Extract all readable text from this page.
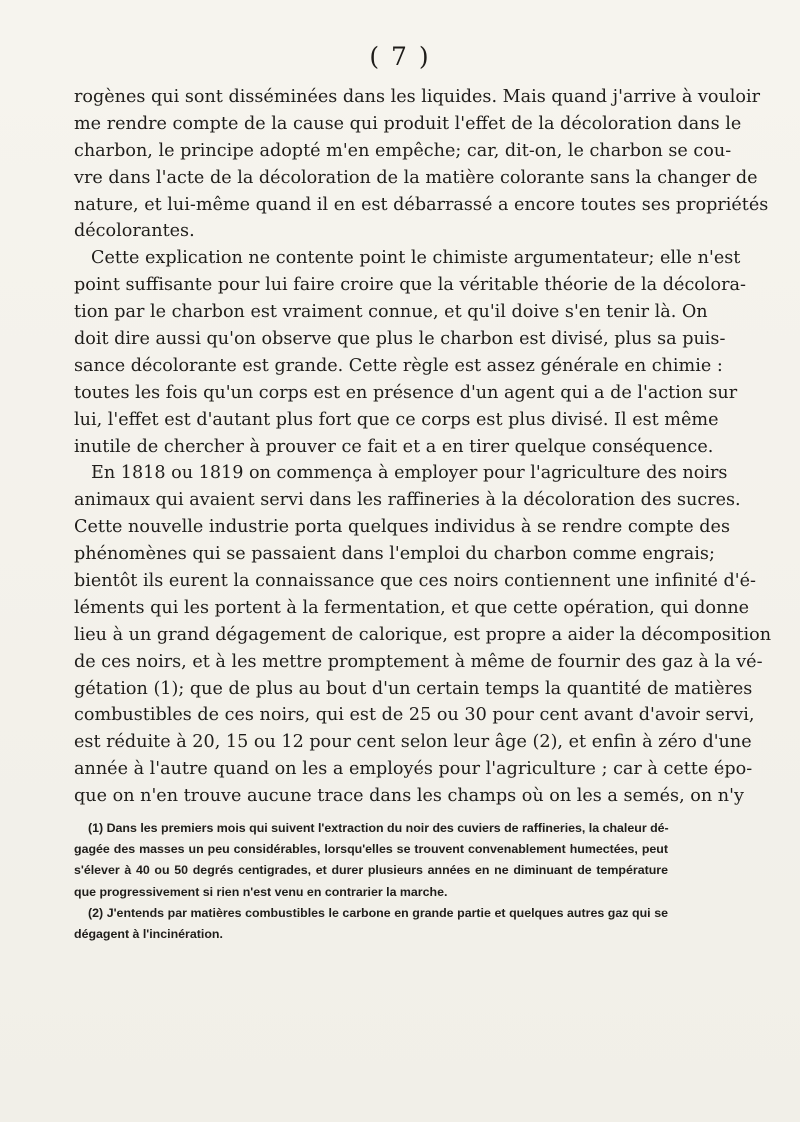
( 7 )
rogènes qui sont disséminées dans les liquides. Mais quand j'arrive à vouloir
me rendre compte de la cause qui produit l'effet de la décoloration dans le
charbon, le principe adopté m'en empêche; car, dit-on, le charbon se cou-
vre dans l'acte de la décoloration de la matière colorante sans la changer de
nature, et lui-même quand il en est débarrassé a encore toutes ses propriétés
décolorantes.
Cette explication ne contente point le chimiste argumentateur; elle n'est
point suffisante pour lui faire croire que la véritable théorie de la décolora-
tion par le charbon est vraiment connue, et qu'il doive s'en tenir là. On
doit dire aussi qu'on observe que plus le charbon est divisé, plus sa puis-
sance décolorante est grande. Cette règle est assez générale en chimie :
toutes les fois qu'un corps est en présence d'un agent qui a de l'action sur
lui, l'effet est d'autant plus fort que ce corps est plus divisé. Il est même
inutile de chercher à prouver ce fait et a en tirer quelque conséquence.
En 1818 ou 1819 on commença à employer pour l'agriculture des noirs
animaux qui avaient servi dans les raffineries à la décoloration des sucres.
Cette nouvelle industrie porta quelques individus à se rendre compte des
phénomènes qui se passaient dans l'emploi du charbon comme engrais;
bientôt ils eurent la connaissance que ces noirs contiennent une infinité d'é-
léments qui les portent à la fermentation, et que cette opération, qui donne
lieu à un grand dégagement de calorique, est propre a aider la décomposition
de ces noirs, et à les mettre promptement à même de fournir des gaz à la vé-
gétation (1); que de plus au bout d'un certain temps la quantité de matières
combustibles de ces noirs, qui est de 25 ou 30 pour cent avant d'avoir servi,
est réduite à 20, 15 ou 12 pour cent selon leur âge (2), et enfin à zéro d'une
année à l'autre quand on les a employés pour l'agriculture ; car à cette épo-
que on n'en trouve aucune trace dans les champs où on les a semés, on n'y
(1) Dans les premiers mois qui suivent l'extraction du noir des cuviers de raffineries, la chaleur dé-
gagée des masses un peu considérables, lorsqu'elles se trouvent convenablement humectées, peut
s'élever à 40 ou 50 degrés centigrades, et durer plusieurs années en ne diminuant de température
que progressivement si rien n'est venu en contrarier la marche.
(2) J'entends par matières combustibles le carbone en grande partie et quelques autres gaz qui se
dégagent à l'incinération.
